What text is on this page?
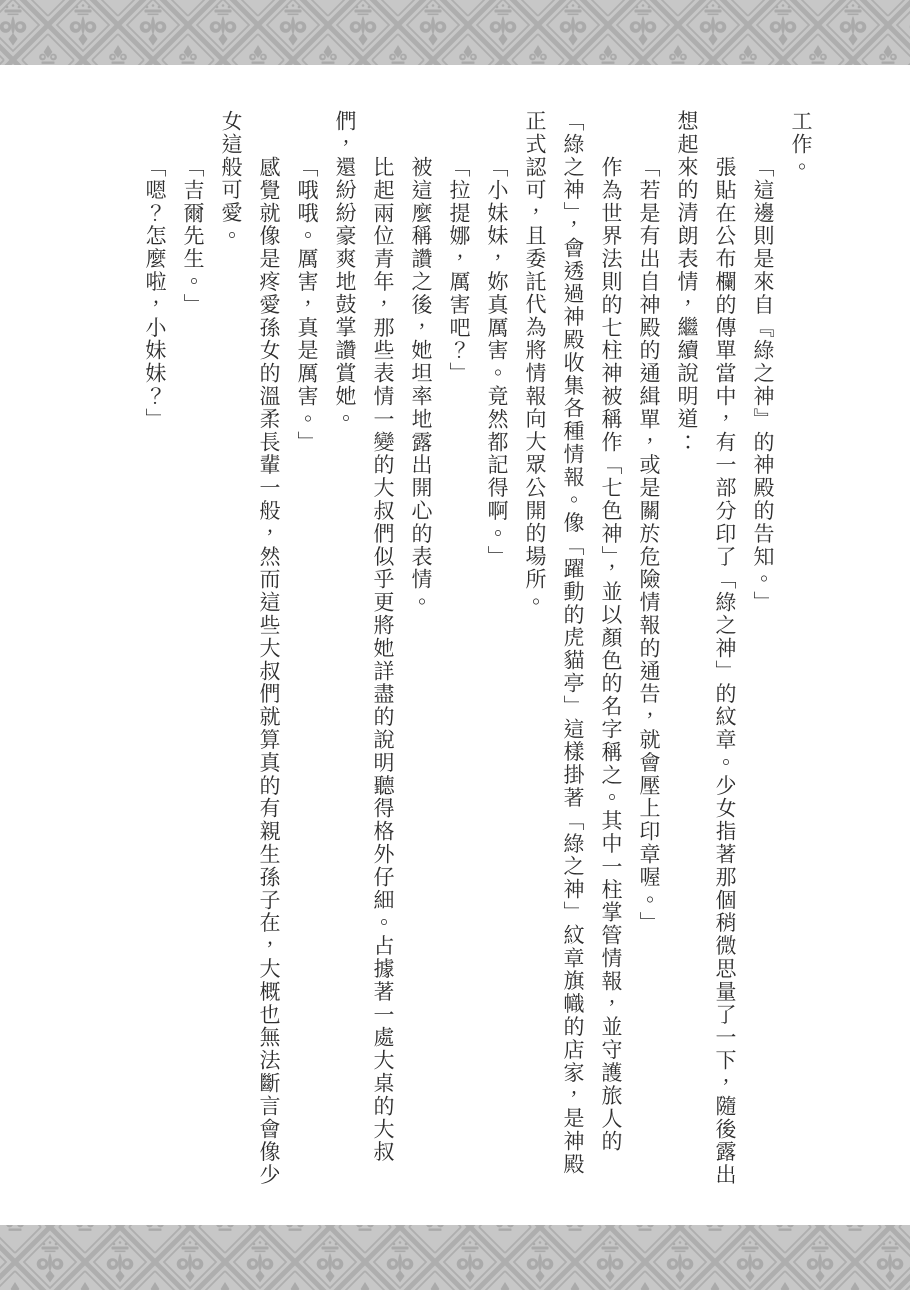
工作。

「這邊則是來自『綠之神』的神殿的告知。」

張貼在公布欄的傳單當中，有一部分印了「綠之神」的紋章。少女指著那個稍微思量了一下，隨後露出想起來的清朗表情，繼續說明道：

「若是有出自神殿的通緝單，或是關於危險情報的通告，就會壓上印章喔。」

作為世界法則的七柱神被稱作「七色神」，並以顏色的名字稱之。其中一柱掌管情報，並守護旅人的「綠之神」，會透過神殿收集各種情報。像「躍動的虎貓亭」這樣掛著「綠之神」紋章旗幟的店家，是神殿正式認可，且委託代為將情報向大眾公開的場所。

「小妹妹，妳真厲害。竟然都記得啊。」

「拉提娜，厲害吧？」

被這麼稱讚之後，她坦率地露出開心的表情。

比起兩位青年，那些表情一變的大叔們似乎更將她詳盡的說明聽得格外仔細。占據著一處大桌的大叔們，還紛紛豪爽地鼓掌讚賞她。

「哦哦。厲害，真是厲害。」

感覺就像是疼愛孫女的溫柔長輩一般，然而這些大叔們就算真的有親生孫子在，大概也無法斷言會像少女這般可愛。

「吉爾先生。」

「嗯？怎麼啦，小妹妹？」
